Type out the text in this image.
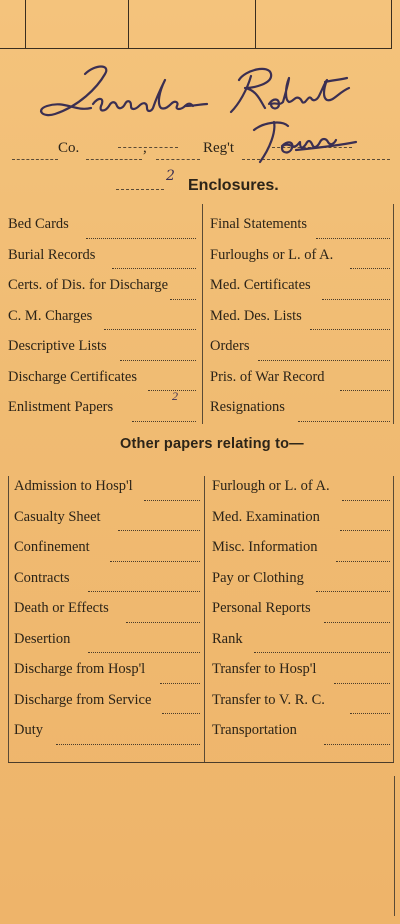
Co.	,	Reg't
2
Enclosures.
Bed Cards
Burial Records
Certs. of Dis. for Discharge
C. M. Charges
Descriptive Lists
Discharge Certificates
Enlistment Papers
2
Final Statements
Furloughs or L. of A.
Med. Certificates
Med. Des. Lists
Orders
Pris. of War Record
Resignations
Other papers relating to—
Admission to Hosp'l
Casualty Sheet
Confinement
Contracts
Death or Effects
Desertion
Discharge from Hosp'l
Discharge from Service
Duty
Furlough or L. of A.
Med. Examination
Misc. Information
Pay or Clothing
Personal Reports
Rank
Transfer to Hosp'l
Transfer to V. R. C.
Transportation
